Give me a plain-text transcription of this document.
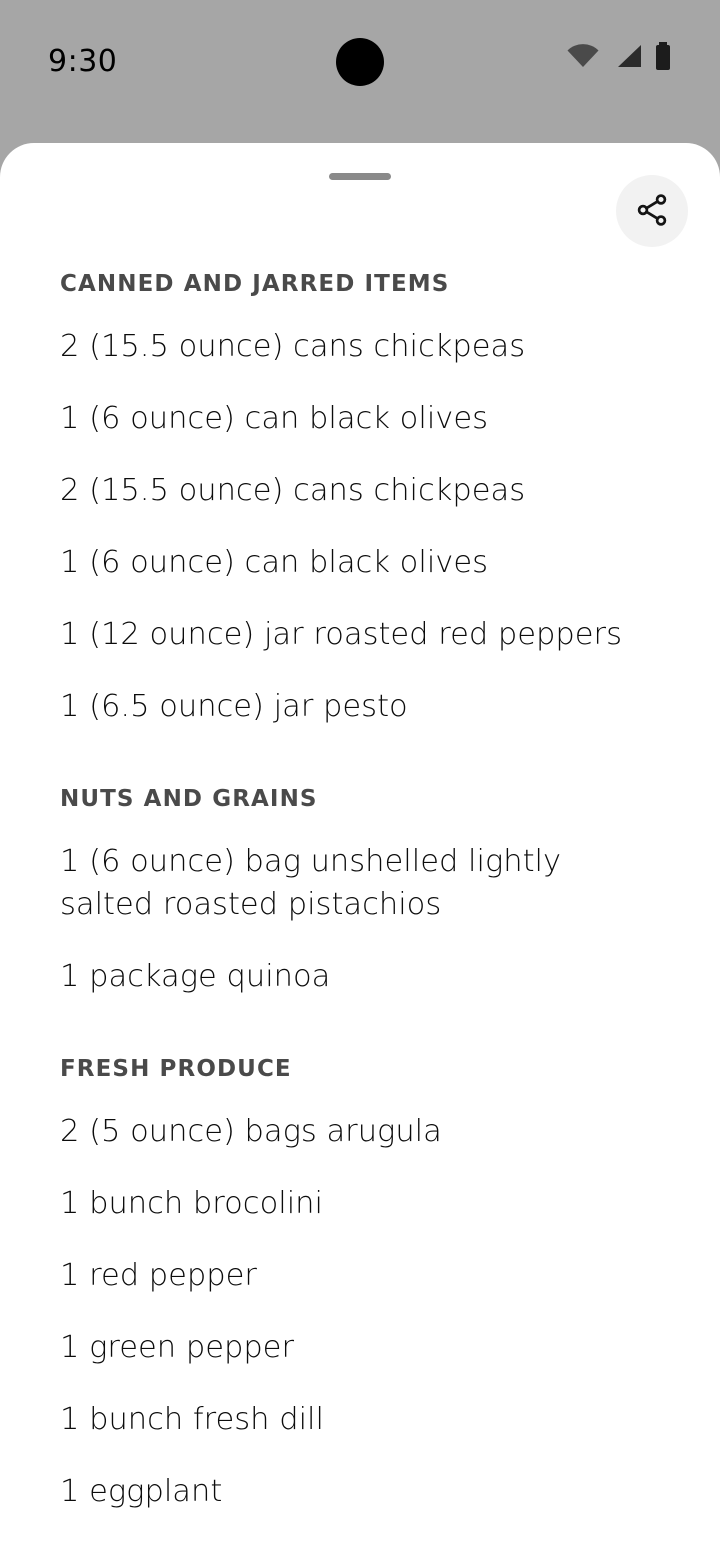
9:30
CANNED AND JARRED ITEMS
2 (15.5 ounce) cans chickpeas
1 (6 ounce) can black olives
2 (15.5 ounce) cans chickpeas
1 (6 ounce) can black olives
1 (12 ounce) jar roasted red peppers
1 (6.5 ounce) jar pesto
NUTS AND GRAINS
1 (6 ounce) bag unshelled lightly salted roasted pistachios
1 package quinoa
FRESH PRODUCE
2 (5 ounce) bags arugula
1 bunch brocolini
1 red pepper
1 green pepper
1 bunch fresh dill
1 eggplant
